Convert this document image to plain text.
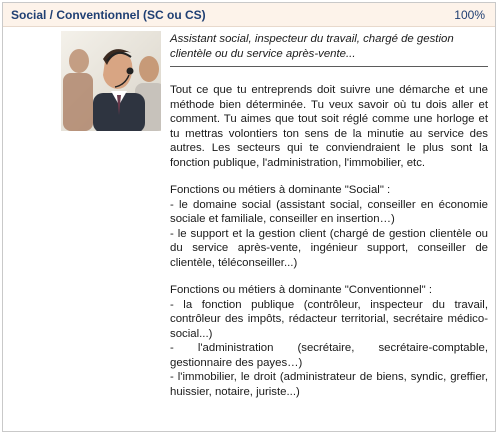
Social / Conventionnel (SC ou CS)	100%
Assistant social, inspecteur du travail, chargé de gestion clientèle ou du service après-vente...

Tout ce que tu entreprends doit suivre une démarche et une méthode bien déterminée. Tu veux savoir où tu dois aller et comment. Tu aimes que tout soit réglé comme une horloge et tu mettras volontiers ton sens de la minutie au service des autres. Les secteurs qui te conviendraient le plus sont la fonction publique, l'administration, l'immobilier, etc.

Fonctions ou métiers à dominante "Social" :
- le domaine social (assistant social, conseiller en économie sociale et familiale, conseiller en insertion…)
- le support et la gestion client (chargé de gestion clientèle ou du service après-vente, ingénieur support, conseiller de clientèle, téléconseiller...)
Fonctions ou métiers à dominante "Conventionnel" :
- la fonction publique (contrôleur, inspecteur du travail, contrôleur des impôts, rédacteur territorial, secrétaire médico-social...)
- l'administration (secrétaire, secrétaire-comptable, gestionnaire des payes…)
- l'immobilier, le droit (administrateur de biens, syndic, greffier, huissier, notaire, juriste...)
